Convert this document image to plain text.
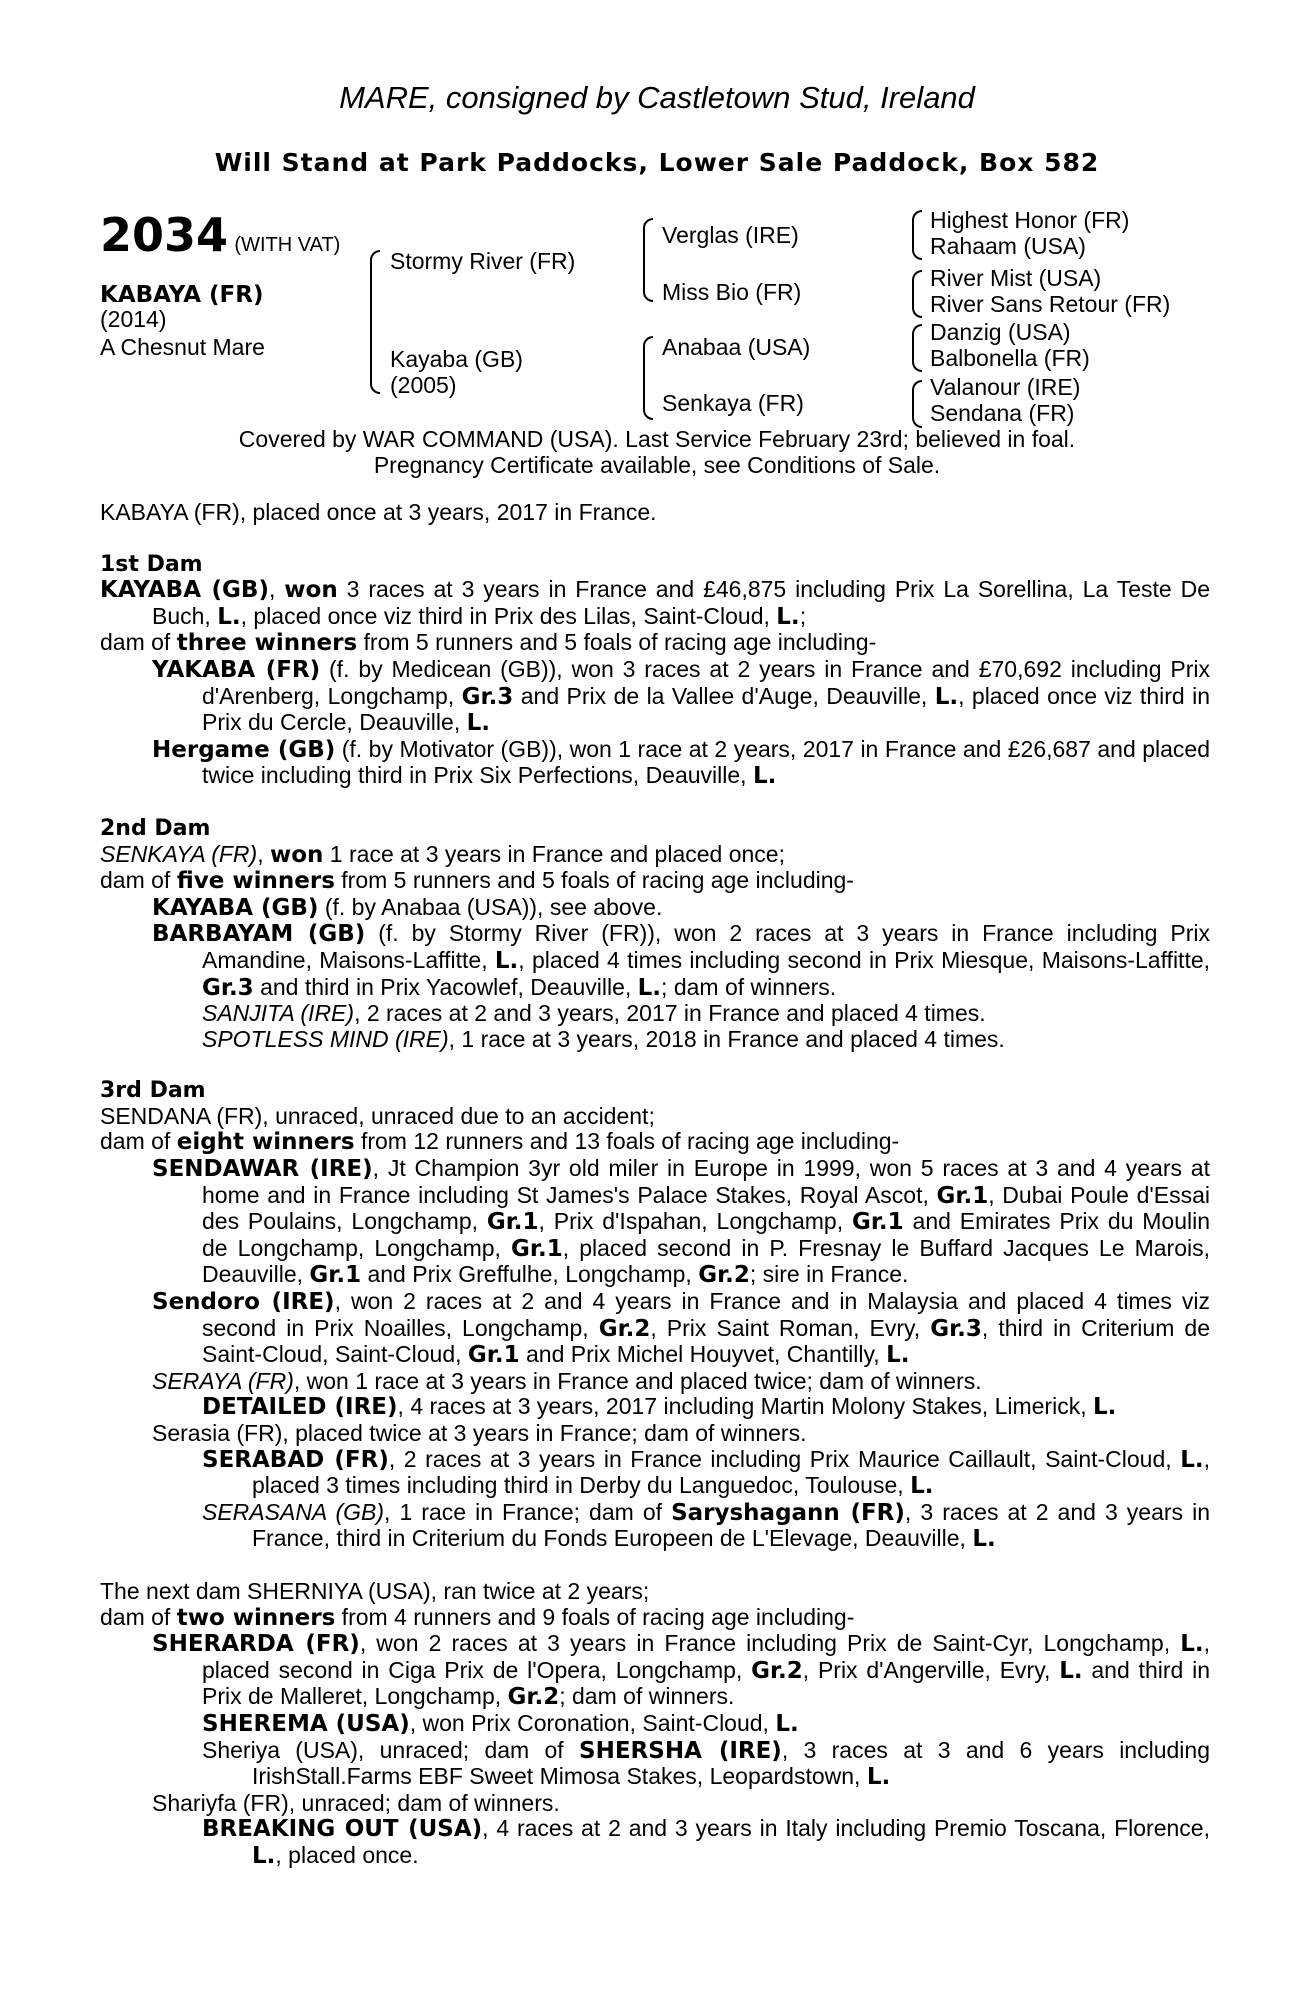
MARE, consigned by Castletown Stud, Ireland
Will Stand at Park Paddocks, Lower Sale Paddock, Box 582
2034 (WITH VAT)
KABAYA (FR)
(2014)
A Chesnut Mare
Stormy River (FR)
Kayaba (GB)
(2005)
Verglas (IRE)
Miss Bio (FR)
Anabaa (USA)
Senkaya (FR)
Highest Honor (FR)
Rahaam (USA)
River Mist (USA)
River Sans Retour (FR)
Danzig (USA)
Balbonella (FR)
Valanour (IRE)
Sendana (FR)
Covered by WAR COMMAND (USA). Last Service February 23rd; believed in foal.
Pregnancy Certificate available, see Conditions of Sale.

KABAYA (FR), placed once at 3 years, 2017 in France.

1st Dam

KAYABA (GB), won 3 races at 3 years in France and £46,875 including Prix La Sorellina, La Teste De Buch, L., placed once viz third in Prix des Lilas, Saint-Cloud, L.;

dam of three winners from 5 runners and 5 foals of racing age including-

YAKABA (FR) (f. by Medicean (GB)), won 3 races at 2 years in France and £70,692 including Prix d'Arenberg, Longchamp, Gr.3 and Prix de la Vallee d'Auge, Deauville, L., placed once viz third in Prix du Cercle, Deauville, L.

Hergame (GB) (f. by Motivator (GB)), won 1 race at 2 years, 2017 in France and £26,687 and placed twice including third in Prix Six Perfections, Deauville, L.

2nd Dam

SENKAYA (FR), won 1 race at 3 years in France and placed once;

dam of five winners from 5 runners and 5 foals of racing age including-

KAYABA (GB) (f. by Anabaa (USA)), see above.

BARBAYAM (GB) (f. by Stormy River (FR)), won 2 races at 3 years in France including Prix Amandine, Maisons-Laffitte, L., placed 4 times including second in Prix Miesque, Maisons-Laffitte, Gr.3 and third in Prix Yacowlef, Deauville, L.; dam of winners.

SANJITA (IRE), 2 races at 2 and 3 years, 2017 in France and placed 4 times.

SPOTLESS MIND (IRE), 1 race at 3 years, 2018 in France and placed 4 times.

3rd Dam

SENDANA (FR), unraced, unraced due to an accident;

dam of eight winners from 12 runners and 13 foals of racing age including-

SENDAWAR (IRE), Jt Champion 3yr old miler in Europe in 1999, won 5 races at 3 and 4 years at home and in France including St James's Palace Stakes, Royal Ascot, Gr.1, Dubai Poule d'Essai des Poulains, Longchamp, Gr.1, Prix d'Ispahan, Longchamp, Gr.1 and Emirates Prix du Moulin de Longchamp, Longchamp, Gr.1, placed second in P. Fresnay le Buffard Jacques Le Marois, Deauville, Gr.1 and Prix Greffulhe, Longchamp, Gr.2; sire in France.

Sendoro (IRE), won 2 races at 2 and 4 years in France and in Malaysia and placed 4 times viz second in Prix Noailles, Longchamp, Gr.2, Prix Saint Roman, Evry, Gr.3, third in Criterium de Saint-Cloud, Saint-Cloud, Gr.1 and Prix Michel Houyvet, Chantilly, L.

SERAYA (FR), won 1 race at 3 years in France and placed twice; dam of winners.

DETAILED (IRE), 4 races at 3 years, 2017 including Martin Molony Stakes, Limerick, L.

Serasia (FR), placed twice at 3 years in France; dam of winners.

SERABAD (FR), 2 races at 3 years in France including Prix Maurice Caillault, Saint-Cloud, L., placed 3 times including third in Derby du Languedoc, Toulouse, L.

SERASANA (GB), 1 race in France; dam of Saryshagann (FR), 3 races at 2 and 3 years in France, third in Criterium du Fonds Europeen de L'Elevage, Deauville, L.

The next dam SHERNIYA (USA), ran twice at 2 years;

dam of two winners from 4 runners and 9 foals of racing age including-

SHERARDA (FR), won 2 races at 3 years in France including Prix de Saint-Cyr, Longchamp, L., placed second in Ciga Prix de l'Opera, Longchamp, Gr.2, Prix d'Angerville, Evry, L. and third in Prix de Malleret, Longchamp, Gr.2; dam of winners.

SHEREMA (USA), won Prix Coronation, Saint-Cloud, L.

Sheriya (USA), unraced; dam of SHERSHA (IRE), 3 races at 3 and 6 years including IrishStall.Farms EBF Sweet Mimosa Stakes, Leopardstown, L.

Shariyfa (FR), unraced; dam of winners.

BREAKING OUT (USA), 4 races at 2 and 3 years in Italy including Premio Toscana, Florence, L., placed once.
